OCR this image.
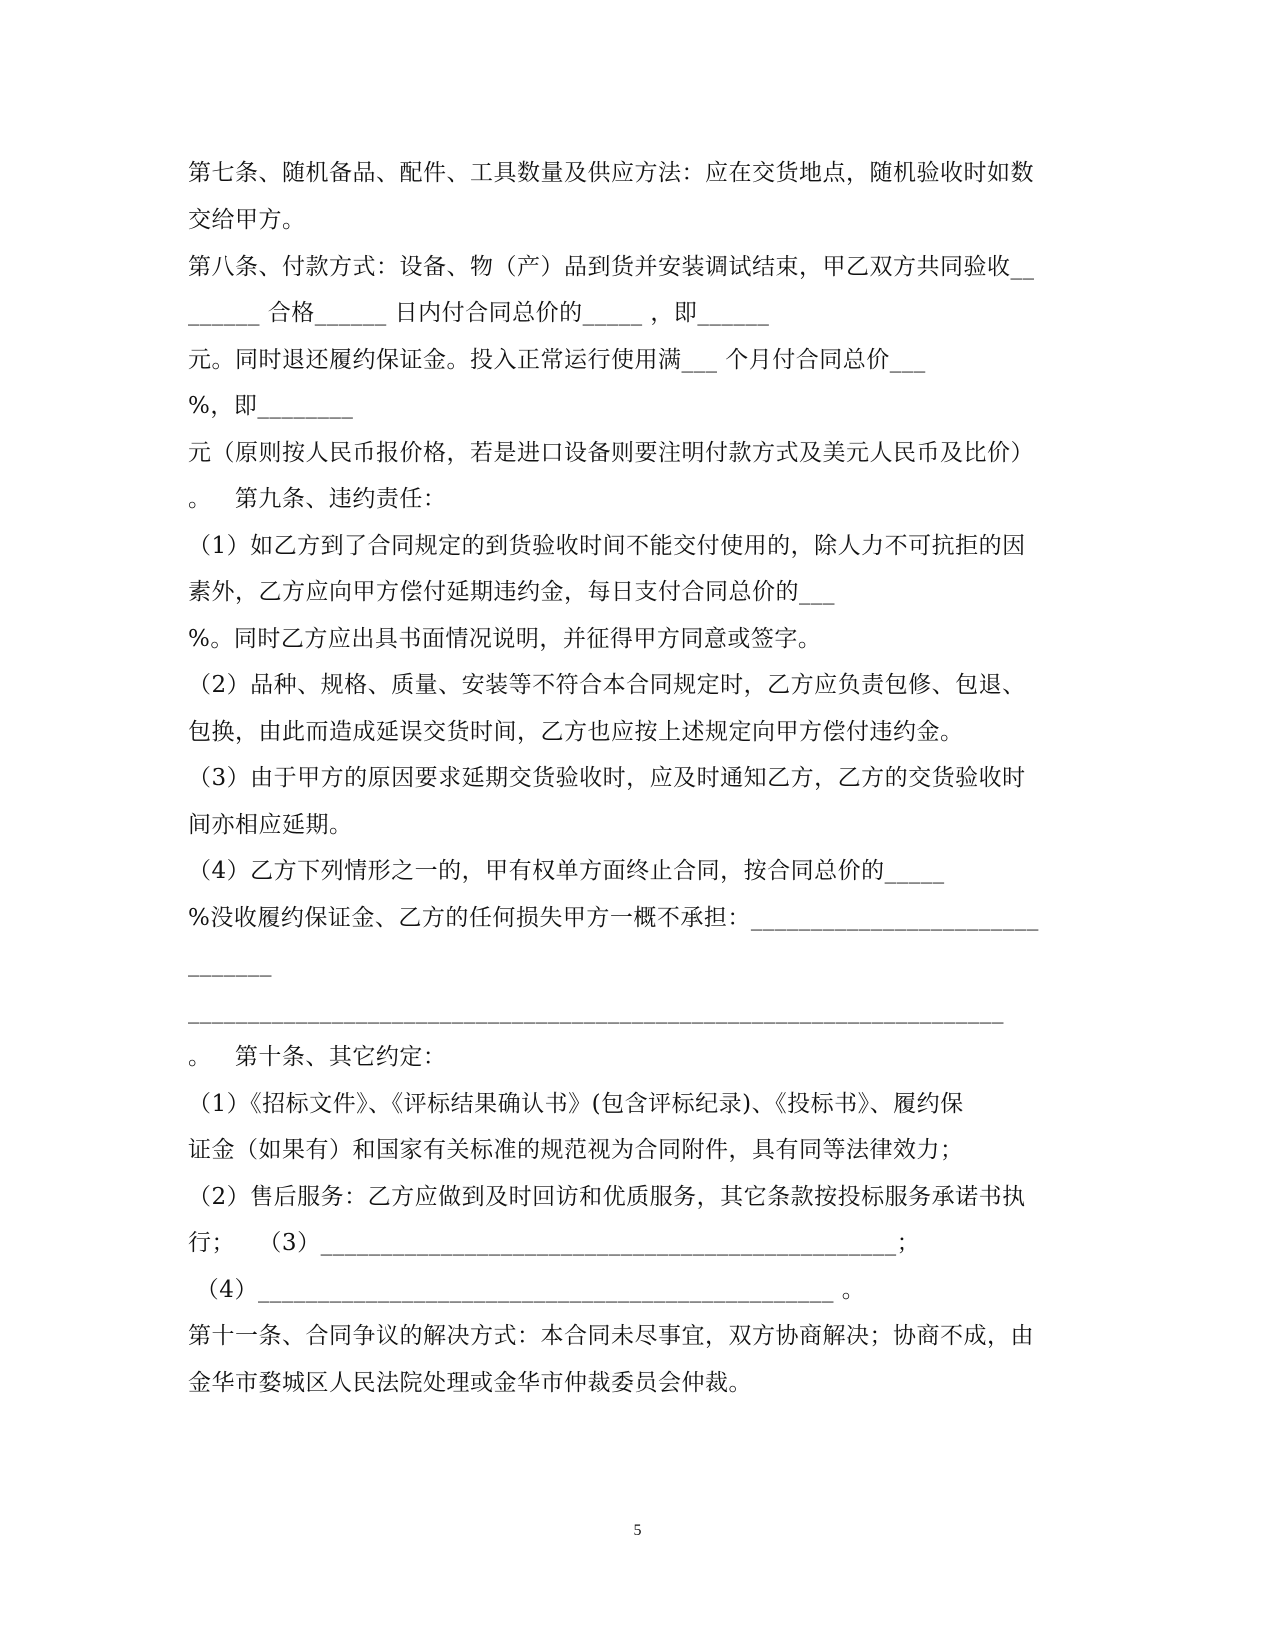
第七条、随机备品、配件、工具数量及供应方法：应在交货地点，随机验收时如数
交给甲方。
第八条、付款方式：设备、物（产）品到货并安装调试结束，甲乙双方共同验收__
______ 合格______ 日内付合同总价的_____ ，即______
元。同时退还履约保证金。投入正常运行使用满___ 个月付合同总价___
%，即________
元（原则按人民币报价格，若是进口设备则要注明付款方式及美元人民币及比价）
。   第九条、违约责任：
（1）如乙方到了合同规定的到货验收时间不能交付使用的，除人力不可抗拒的因
素外，乙方应向甲方偿付延期违约金，每日支付合同总价的___
%。同时乙方应出具书面情况说明，并征得甲方同意或签字。
（2）品种、规格、质量、安装等不符合本合同规定时，乙方应负责包修、包退、
包换，由此而造成延误交货时间，乙方也应按上述规定向甲方偿付违约金。
（3）由于甲方的原因要求延期交货验收时，应及时通知乙方，乙方的交货验收时
间亦相应延期。
（4）乙方下列情形之一的，甲有权单方面终止合同，按合同总价的_____
%没收履约保证金、乙方的任何损失甲方一概不承担：________________________
_______
____________________________________________________________________
。   第十条、其它约定：
（1）《招标文件》、《评标结果确认书》(包含评标纪录)、《投标书》、履约保
证金（如果有）和国家有关标准的规范视为合同附件，具有同等法律效力；
（2）售后服务：乙方应做到及时回访和优质服务，其它条款按投标服务承诺书执
行；   （3）________________________________________________；
（4）________________________________________________ 。
第十一条、合同争议的解决方式：本合同未尽事宜，双方协商解决；协商不成，由
金华市婺城区人民法院处理或金华市仲裁委员会仲裁。
5
